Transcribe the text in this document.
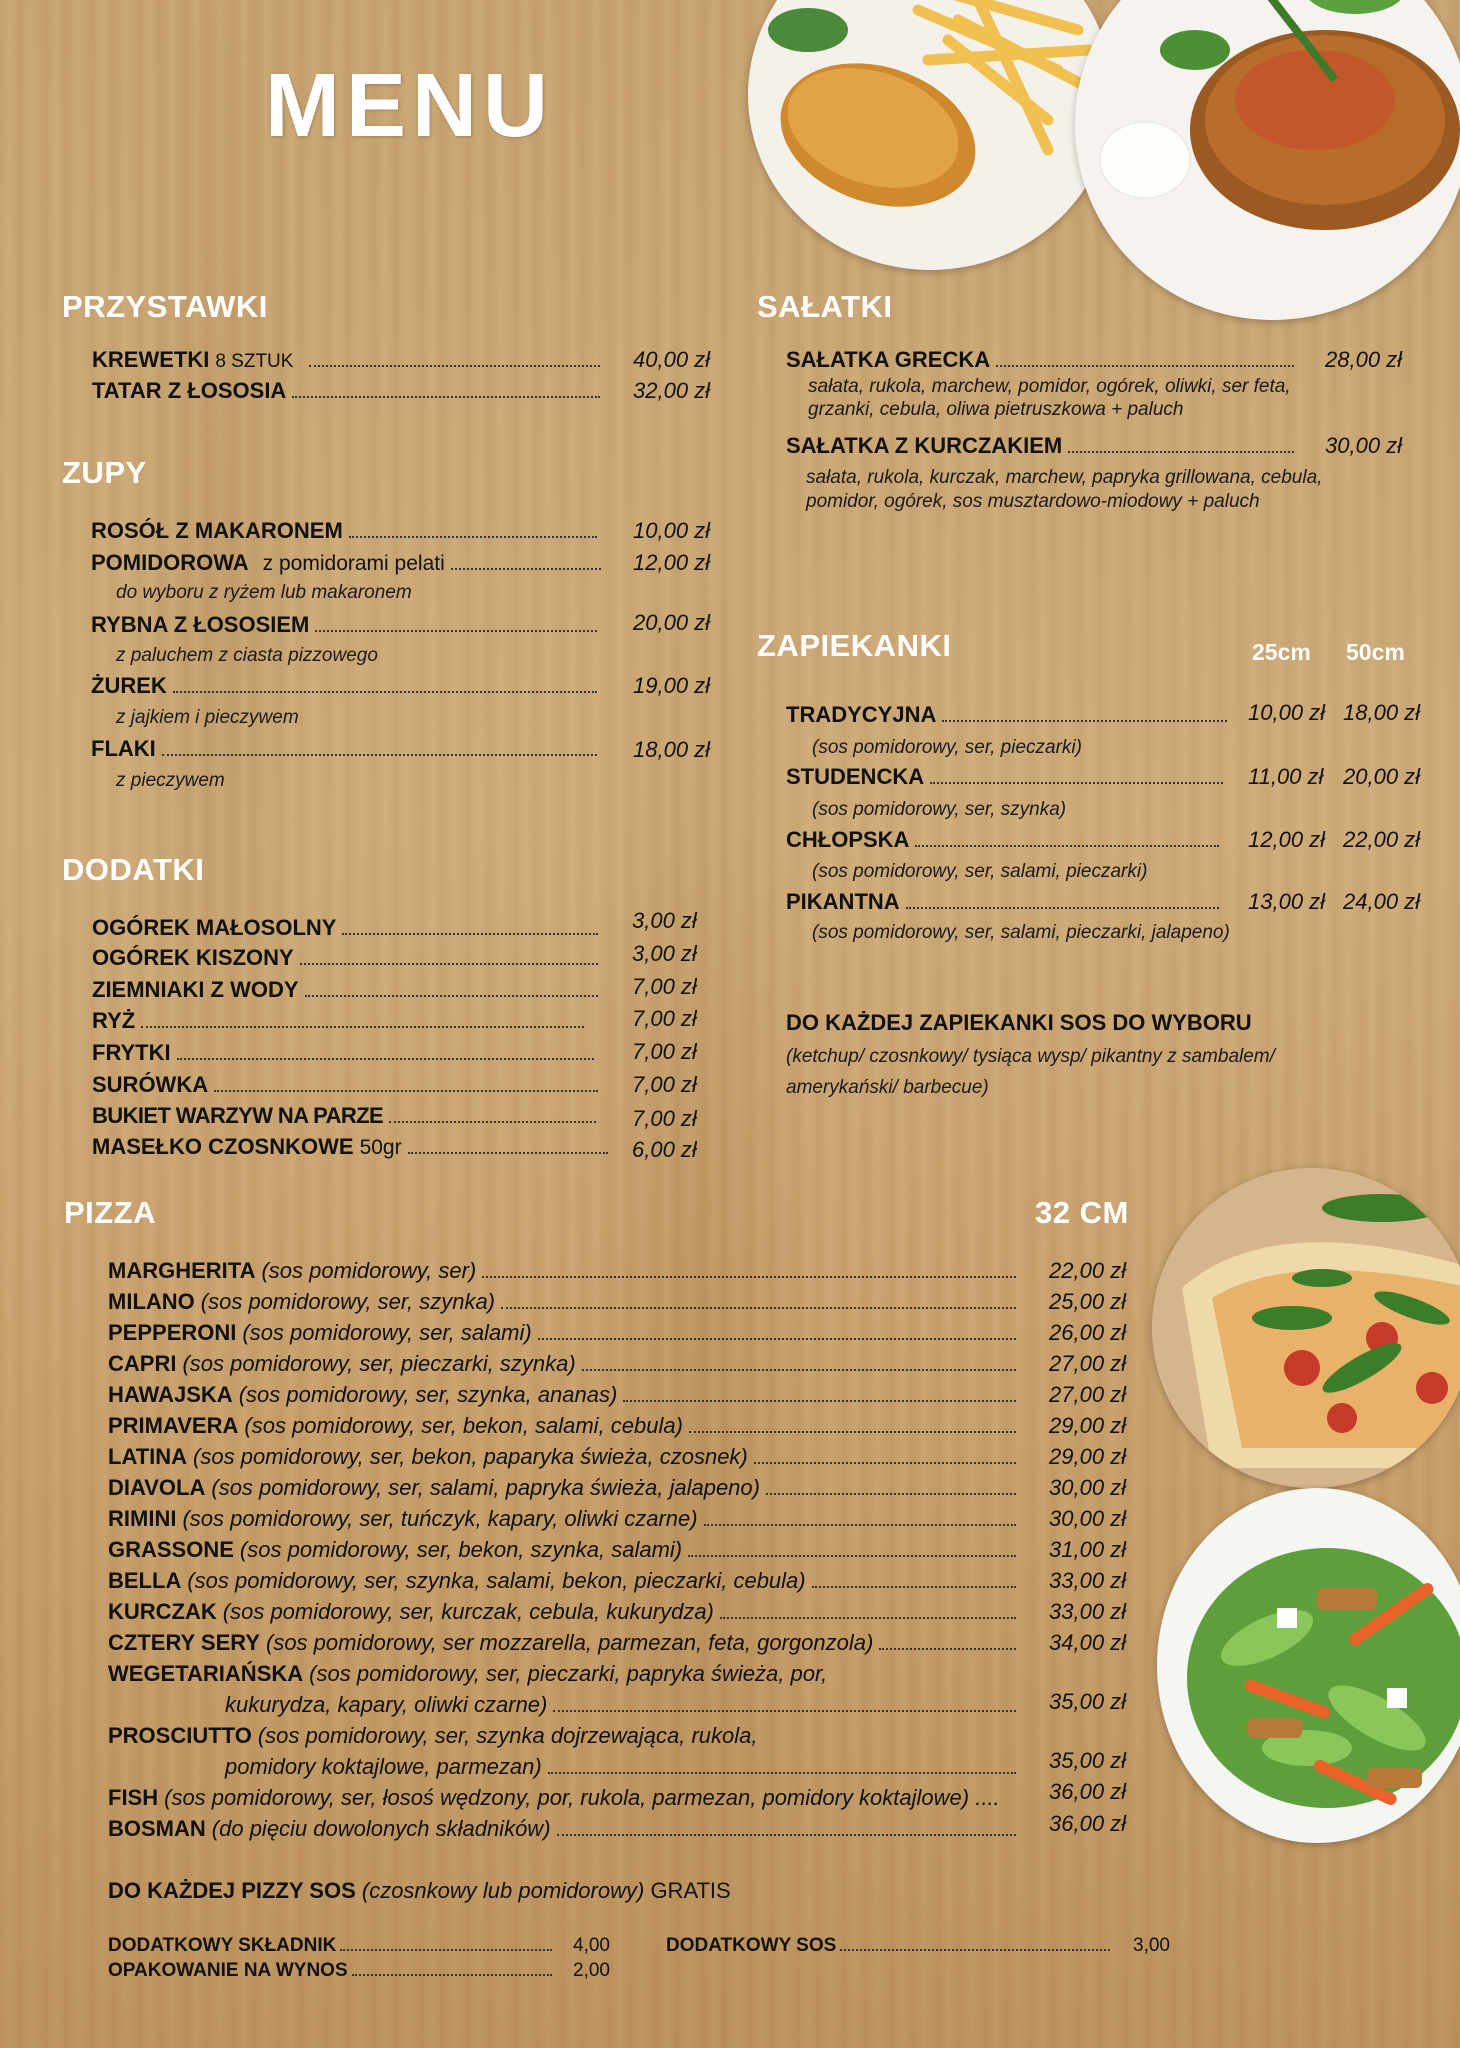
MENU
PRZYSTAWKI
KREWETKI 8 SZTUK	40,00 zł
TATAR Z ŁOSOSIA	32,00 zł
ZUPY
ROSÓŁ Z MAKARONEM	10,00 zł
POMIDOROWA z pomidorami pelati	12,00 zł
do wyboru z ryżem lub makaronem
RYBNA Z ŁOSOSIEM	20,00 zł
z paluchem z ciasta pizzowego
ŻUREK	19,00 zł
z jajkiem i pieczywem
FLAKI	18,00 zł
z pieczywem
DODATKI
OGÓREK MAŁOSOLNY	3,00 zł
OGÓREK KISZONY	3,00 zł
ZIEMNIAKI Z WODY	7,00 zł
RYŻ	7,00 zł
FRYTKI	7,00 zł
SURÓWKA	7,00 zł
BUKIET WARZYW NA PARZE	7,00 zł
MASEŁKO CZOSNKOWE 50gr	6,00 zł
SAŁATKI
SAŁATKA GRECKA	28,00 zł
sałata, rukola, marchew, pomidor, ogórek, oliwki, ser feta,
grzanki, cebula, oliwa pietruszkowa + paluch
SAŁATKA Z KURCZAKIEM	30,00 zł
sałata, rukola, kurczak, marchew, papryka grillowana, cebula,
pomidor, ogórek, sos musztardowo-miodowy + paluch
ZAPIEKANKI	25cm 50cm
TRADYCYJNA	10,00 zł 18,00 zł
(sos pomidorowy, ser, pieczarki)
STUDENCKA	11,00 zł 20,00 zł
(sos pomidorowy, ser, szynka)
CHŁOPSKA	12,00 zł 22,00 zł
(sos pomidorowy, ser, salami, pieczarki)
PIKANTNA	13,00 zł 24,00 zł
(sos pomidorowy, ser, salami, pieczarki, jalapeno)
DO KAŻDEJ ZAPIEKANKI SOS DO WYBORU
(ketchup/ czosnkowy/ tysiąca wysp/ pikantny z sambalem/
amerykański/ barbecue)
PIZZA	32 CM
MARGHERITA (sos pomidorowy, ser)	22,00 zł
MILANO (sos pomidorowy, ser, szynka)	25,00 zł
PEPPERONI (sos pomidorowy, ser, salami)	26,00 zł
CAPRI (sos pomidorowy, ser, pieczarki, szynka)	27,00 zł
HAWAJSKA (sos pomidorowy, ser, szynka, ananas)	27,00 zł
PRIMAVERA (sos pomidorowy, ser, bekon, salami, cebula)	29,00 zł
LATINA (sos pomidorowy, ser, bekon, paparyka świeża, czosnek)	29,00 zł
DIAVOLA (sos pomidorowy, ser, salami, papryka świeża, jalapeno)	30,00 zł
RIMINI (sos pomidorowy, ser, tuńczyk, kapary, oliwki czarne)	30,00 zł
GRASSONE (sos pomidorowy, ser, bekon, szynka, salami)	31,00 zł
BELLA (sos pomidorowy, ser, szynka, salami, bekon, pieczarki, cebula)	33,00 zł
KURCZAK (sos pomidorowy, ser, kurczak, cebula, kukurydza)	33,00 zł
CZTERY SERY (sos pomidorowy, ser mozzarella, parmezan, feta, gorgonzola)	34,00 zł
WEGETARIAŃSKA (sos pomidorowy, ser, pieczarki, papryka świeża, por,
kukurydza, kapary, oliwki czarne)	35,00 zł
PROSCIUTTO (sos pomidorowy, ser, szynka dojrzewająca, rukola,
pomidory koktajlowe, parmezan)	35,00 zł
FISH (sos pomidorowy, ser, łosoś wędzony, por, rukola, parmezan, pomidory koktajlowe) .... 36,00 zł
BOSMAN (do pięciu dowolonych składników)	36,00 zł
DO KAŻDEJ PIZZY SOS (czosnkowy lub pomidorowy) GRATIS
DODATKOWY SKŁADNIK	4,00
OPAKOWANIE NA WYNOS	2,00
DODATKOWY SOS	3,00
